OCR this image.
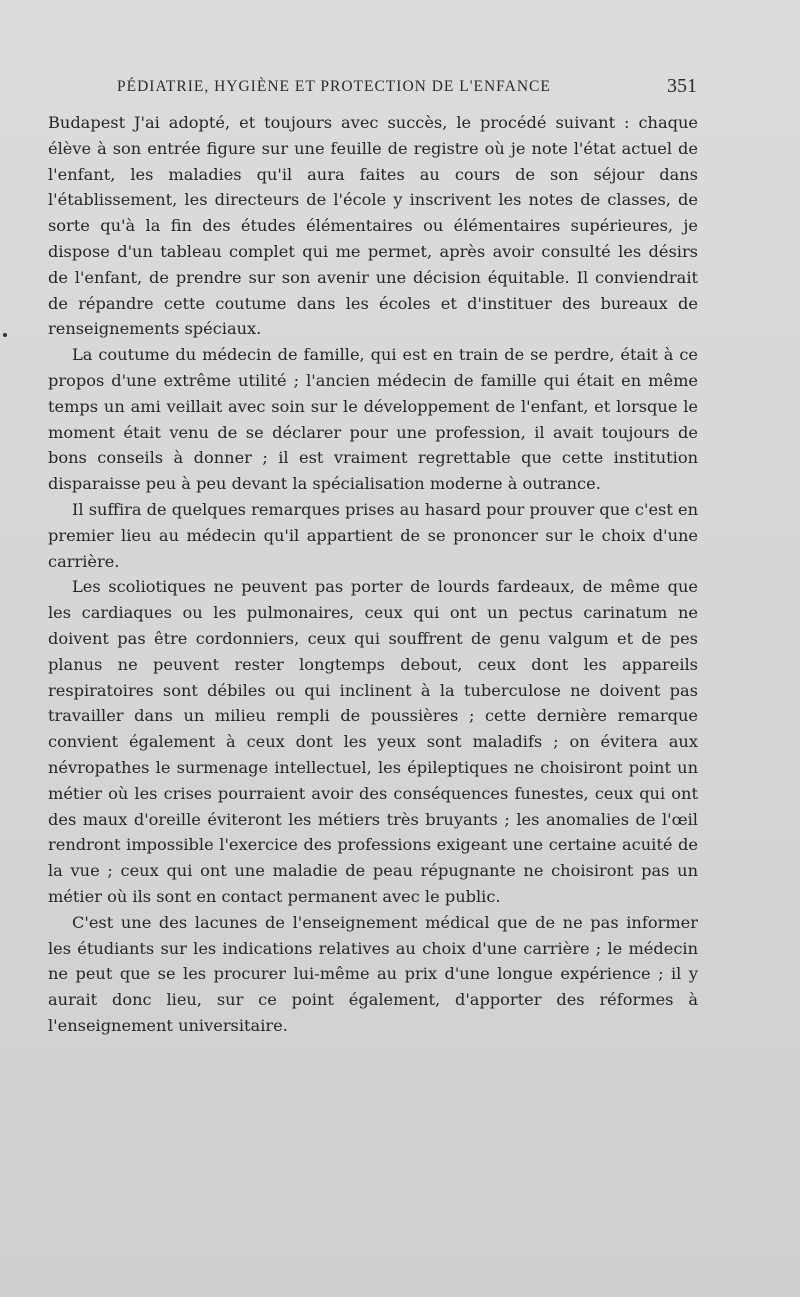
PÉDIATRIE, HYGIÈNE ET PROTECTION DE L'ENFANCE	351

Budapest J'ai adopté, et toujours avec succès, le procédé suivant : chaque élève à son entrée figure sur une feuille de registre où je note l'état actuel de l'enfant, les maladies qu'il aura faites au cours de son séjour dans l'établissement, les directeurs de l'école y inscrivent les notes de classes, de sorte qu'à la fin des études élémentaires ou élémentaires supérieures, je dispose d'un tableau complet qui me permet, après avoir consulté les désirs de l'enfant, de prendre sur son avenir une décision équitable. Il conviendrait de répandre cette coutume dans les écoles et d'instituer des bureaux de renseignements spéciaux.

La coutume du médecin de famille, qui est en train de se perdre, était à ce propos d'une extrême utilité ; l'ancien médecin de famille qui était en même temps un ami veillait avec soin sur le développement de l'enfant, et lorsque le moment était venu de se déclarer pour une profession, il avait toujours de bons conseils à donner ; il est vraiment regrettable que cette institution disparaisse peu à peu devant la spécialisation moderne à outrance.

Il suffira de quelques remarques prises au hasard pour prouver que c'est en premier lieu au médecin qu'il appartient de se prononcer sur le choix d'une carrière.

Les scoliotiques ne peuvent pas porter de lourds fardeaux, de même que les cardiaques ou les pulmonaires, ceux qui ont un pectus carinatum ne doivent pas être cordonniers, ceux qui souffrent de genu valgum et de pes planus ne peuvent rester longtemps debout, ceux dont les appareils respiratoires sont débiles ou qui inclinent à la tuberculose ne doivent pas travailler dans un milieu rempli de poussières ; cette dernière remarque convient également à ceux dont les yeux sont maladifs ; on évitera aux névropathes le surmenage intellectuel, les épileptiques ne choisiront point un métier où les crises pourraient avoir des conséquences funestes, ceux qui ont des maux d'oreille éviteront les métiers très bruyants ; les anomalies de l'œil rendront impossible l'exercice des professions exigeant une certaine acuité de la vue ; ceux qui ont une maladie de peau répugnante ne choisiront pas un métier où ils sont en contact permanent avec le public.

C'est une des lacunes de l'enseignement médical que de ne pas informer les étudiants sur les indications relatives au choix d'une carrière ; le médecin ne peut que se les procurer lui-même au prix d'une longue expérience ; il y aurait donc lieu, sur ce point également, d'apporter des réformes à l'enseignement universitaire.
